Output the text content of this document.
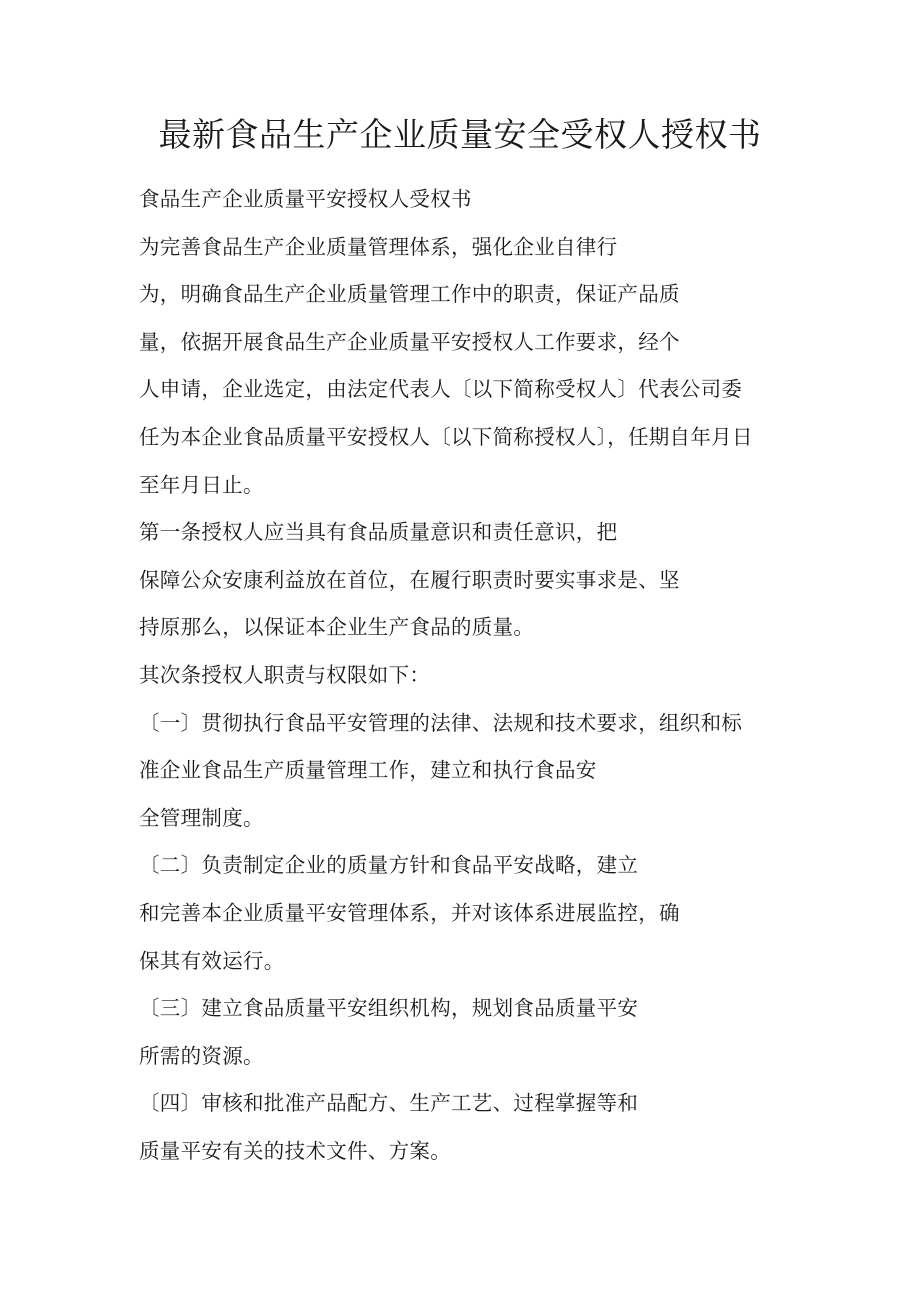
最新食品生产企业质量安全受权人授权书
食品生产企业质量平安授权人受权书
为完善食品生产企业质量管理体系，强化企业自律行
为，明确食品生产企业质量管理工作中的职责，保证产品质
量，依据开展食品生产企业质量平安授权人工作要求，经个
人申请，企业选定，由法定代表人〔以下简称受权人〕代表公司委
任为本企业食品质量平安授权人〔以下简称授权人〕，任期自年月日
至年月日止。
第一条授权人应当具有食品质量意识和责任意识，把
保障公众安康利益放在首位，在履行职责时要实事求是、坚
持原那么，以保证本企业生产食品的质量。
其次条授权人职责与权限如下：
〔一〕贯彻执行食品平安管理的法律、法规和技术要求，组织和标
准企业食品生产质量管理工作，建立和执行食品安
全管理制度。
〔二〕负责制定企业的质量方针和食品平安战略，建立
和完善本企业质量平安管理体系，并对该体系进展监控，确
保其有效运行。
〔三〕建立食品质量平安组织机构，规划食品质量平安
所需的资源。
〔四〕审核和批准产品配方、生产工艺、过程掌握等和
质量平安有关的技术文件、方案。
